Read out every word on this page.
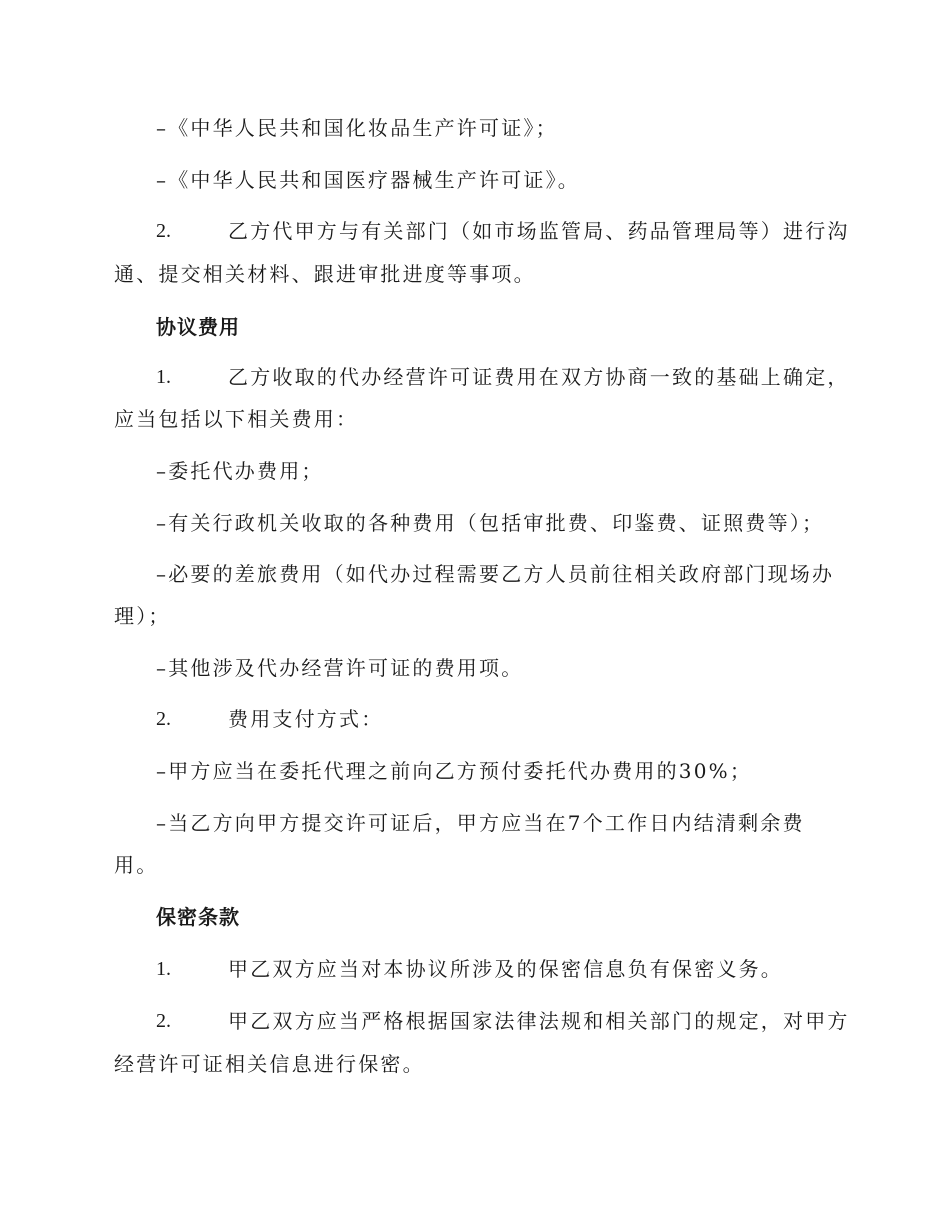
–《中华人民共和国化妆品生产许可证》；
–《中华人民共和国医疗器械生产许可证》。
2.	乙方代甲方与有关部门（如市场监管局、药品管理局等）进行沟
通、提交相关材料、跟进审批进度等事项。
协议费用
1.	乙方收取的代办经营许可证费用在双方协商一致的基础上确定，
应当包括以下相关费用：
–委托代办费用；
–有关行政机关收取的各种费用（包括审批费、印鉴费、证照费等）；
–必要的差旅费用（如代办过程需要乙方人员前往相关政府部门现场办
理）；
–其他涉及代办经营许可证的费用项。
2.	费用支付方式：
–甲方应当在委托代理之前向乙方预付委托代办费用的30%；
–当乙方向甲方提交许可证后，甲方应当在7个工作日内结清剩余费
用。
保密条款
1.	甲乙双方应当对本协议所涉及的保密信息负有保密义务。
2.	甲乙双方应当严格根据国家法律法规和相关部门的规定，对甲方
经营许可证相关信息进行保密。
